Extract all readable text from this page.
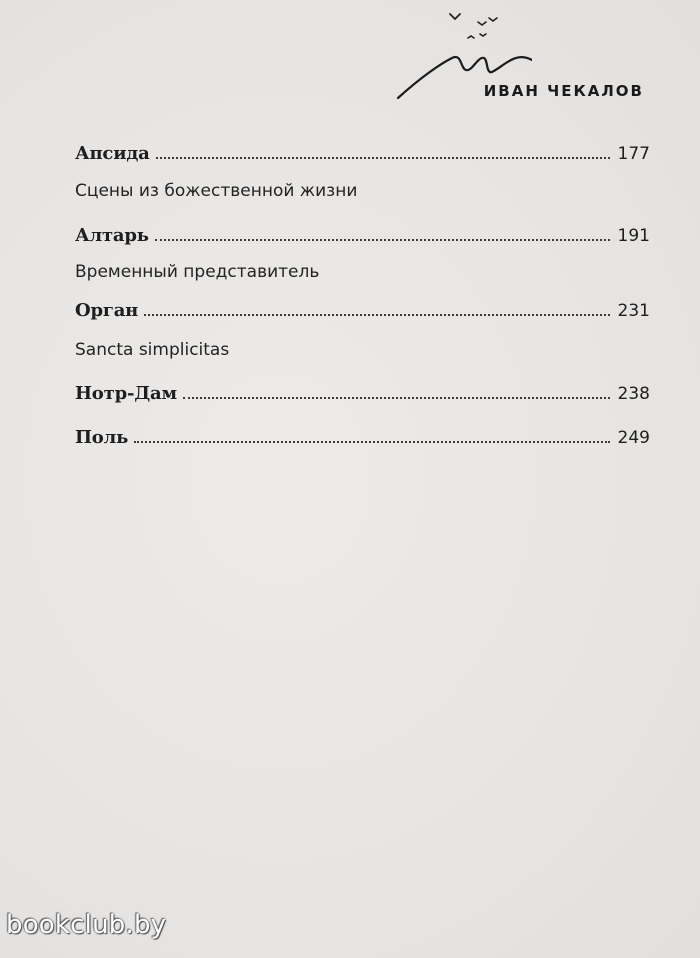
ИВАН ЧЕКАЛОВ
Апсида	177
Сцены из божественной жизни
Алтарь	191
Временный представитель
Орган	231
Sancta simplicitas
Нотр-Дам	238
Поль	249
bookclub.by
